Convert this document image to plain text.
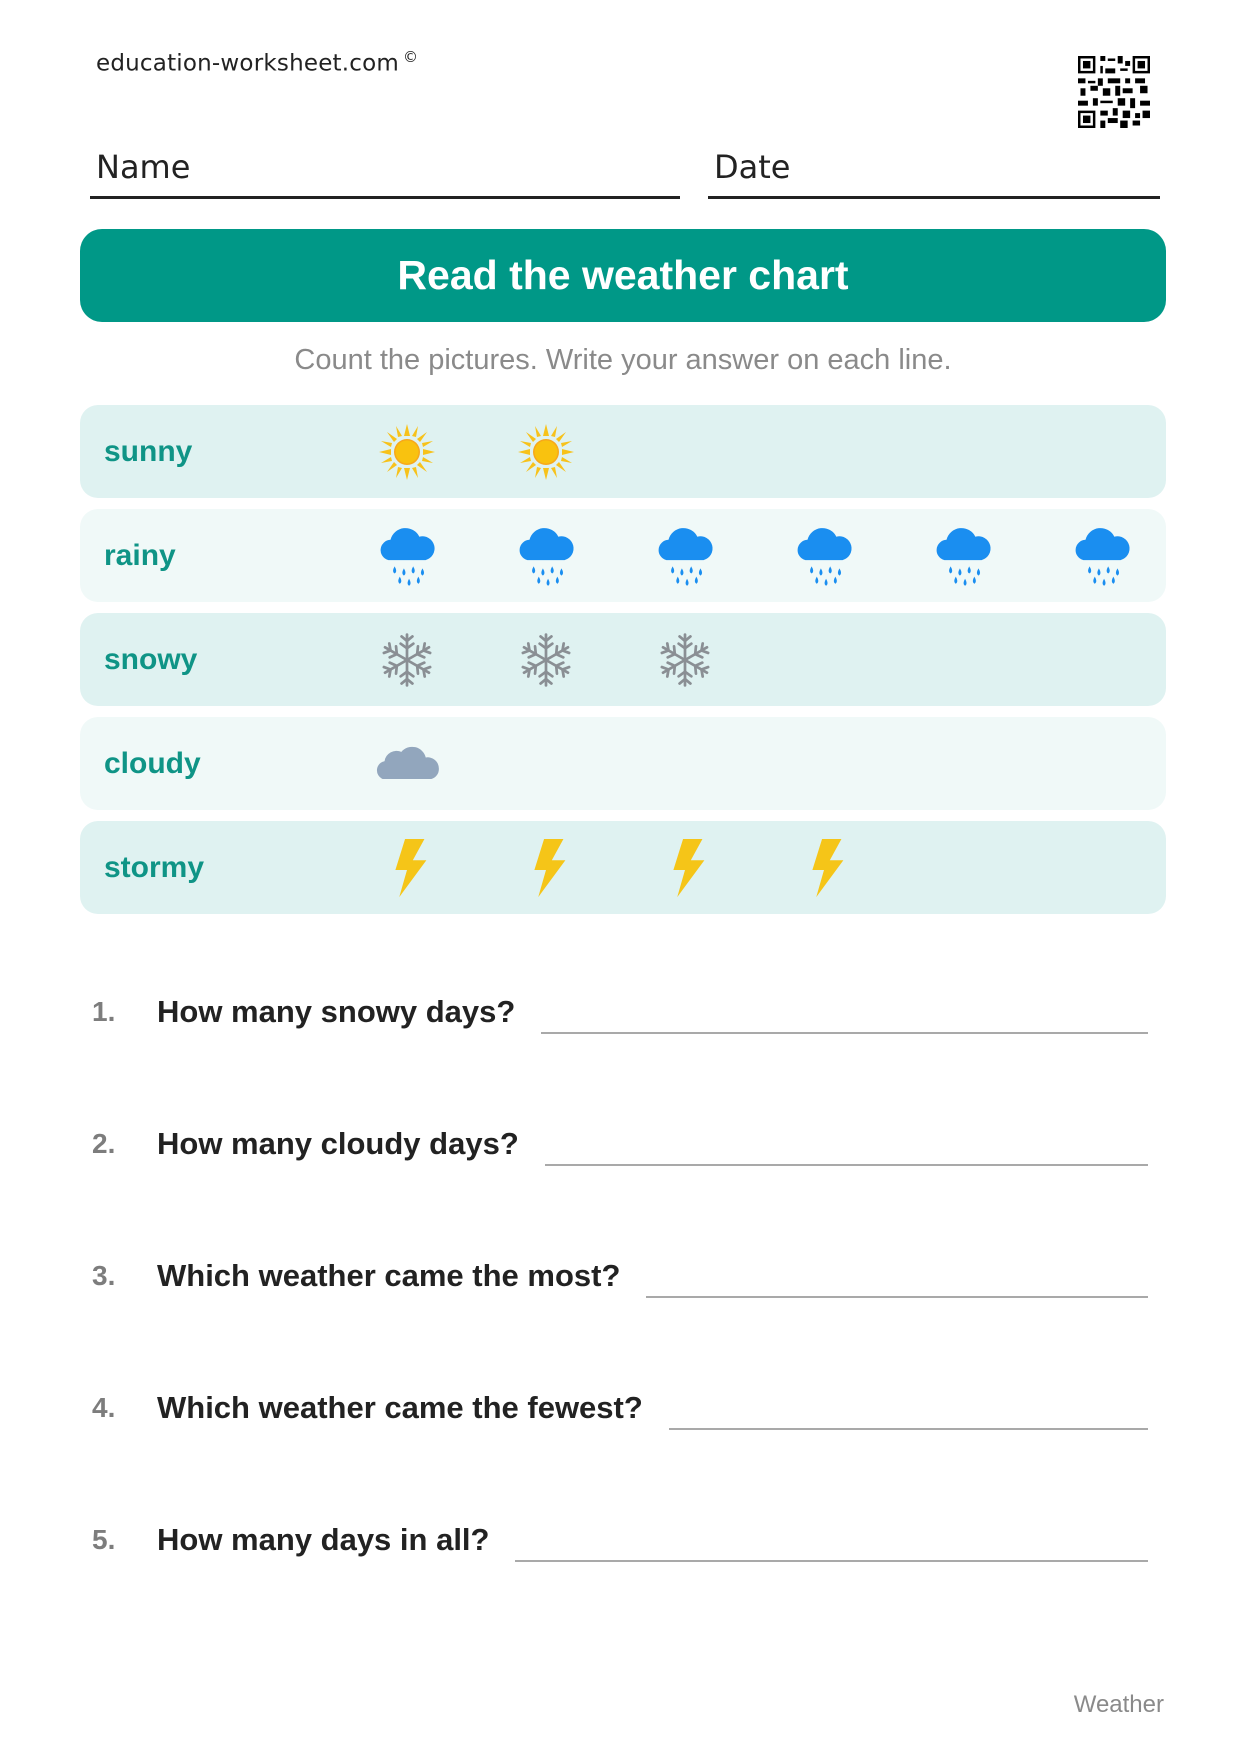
education-worksheet.com ©
Name	Date
Read the weather chart
Count the pictures. Write your answer on each line.
sunny
rainy
snowy
cloudy
stormy
1. How many snowy days?
2. How many cloudy days?
3. Which weather came the most?
4. Which weather came the fewest?
5. How many days in all?
Weather
